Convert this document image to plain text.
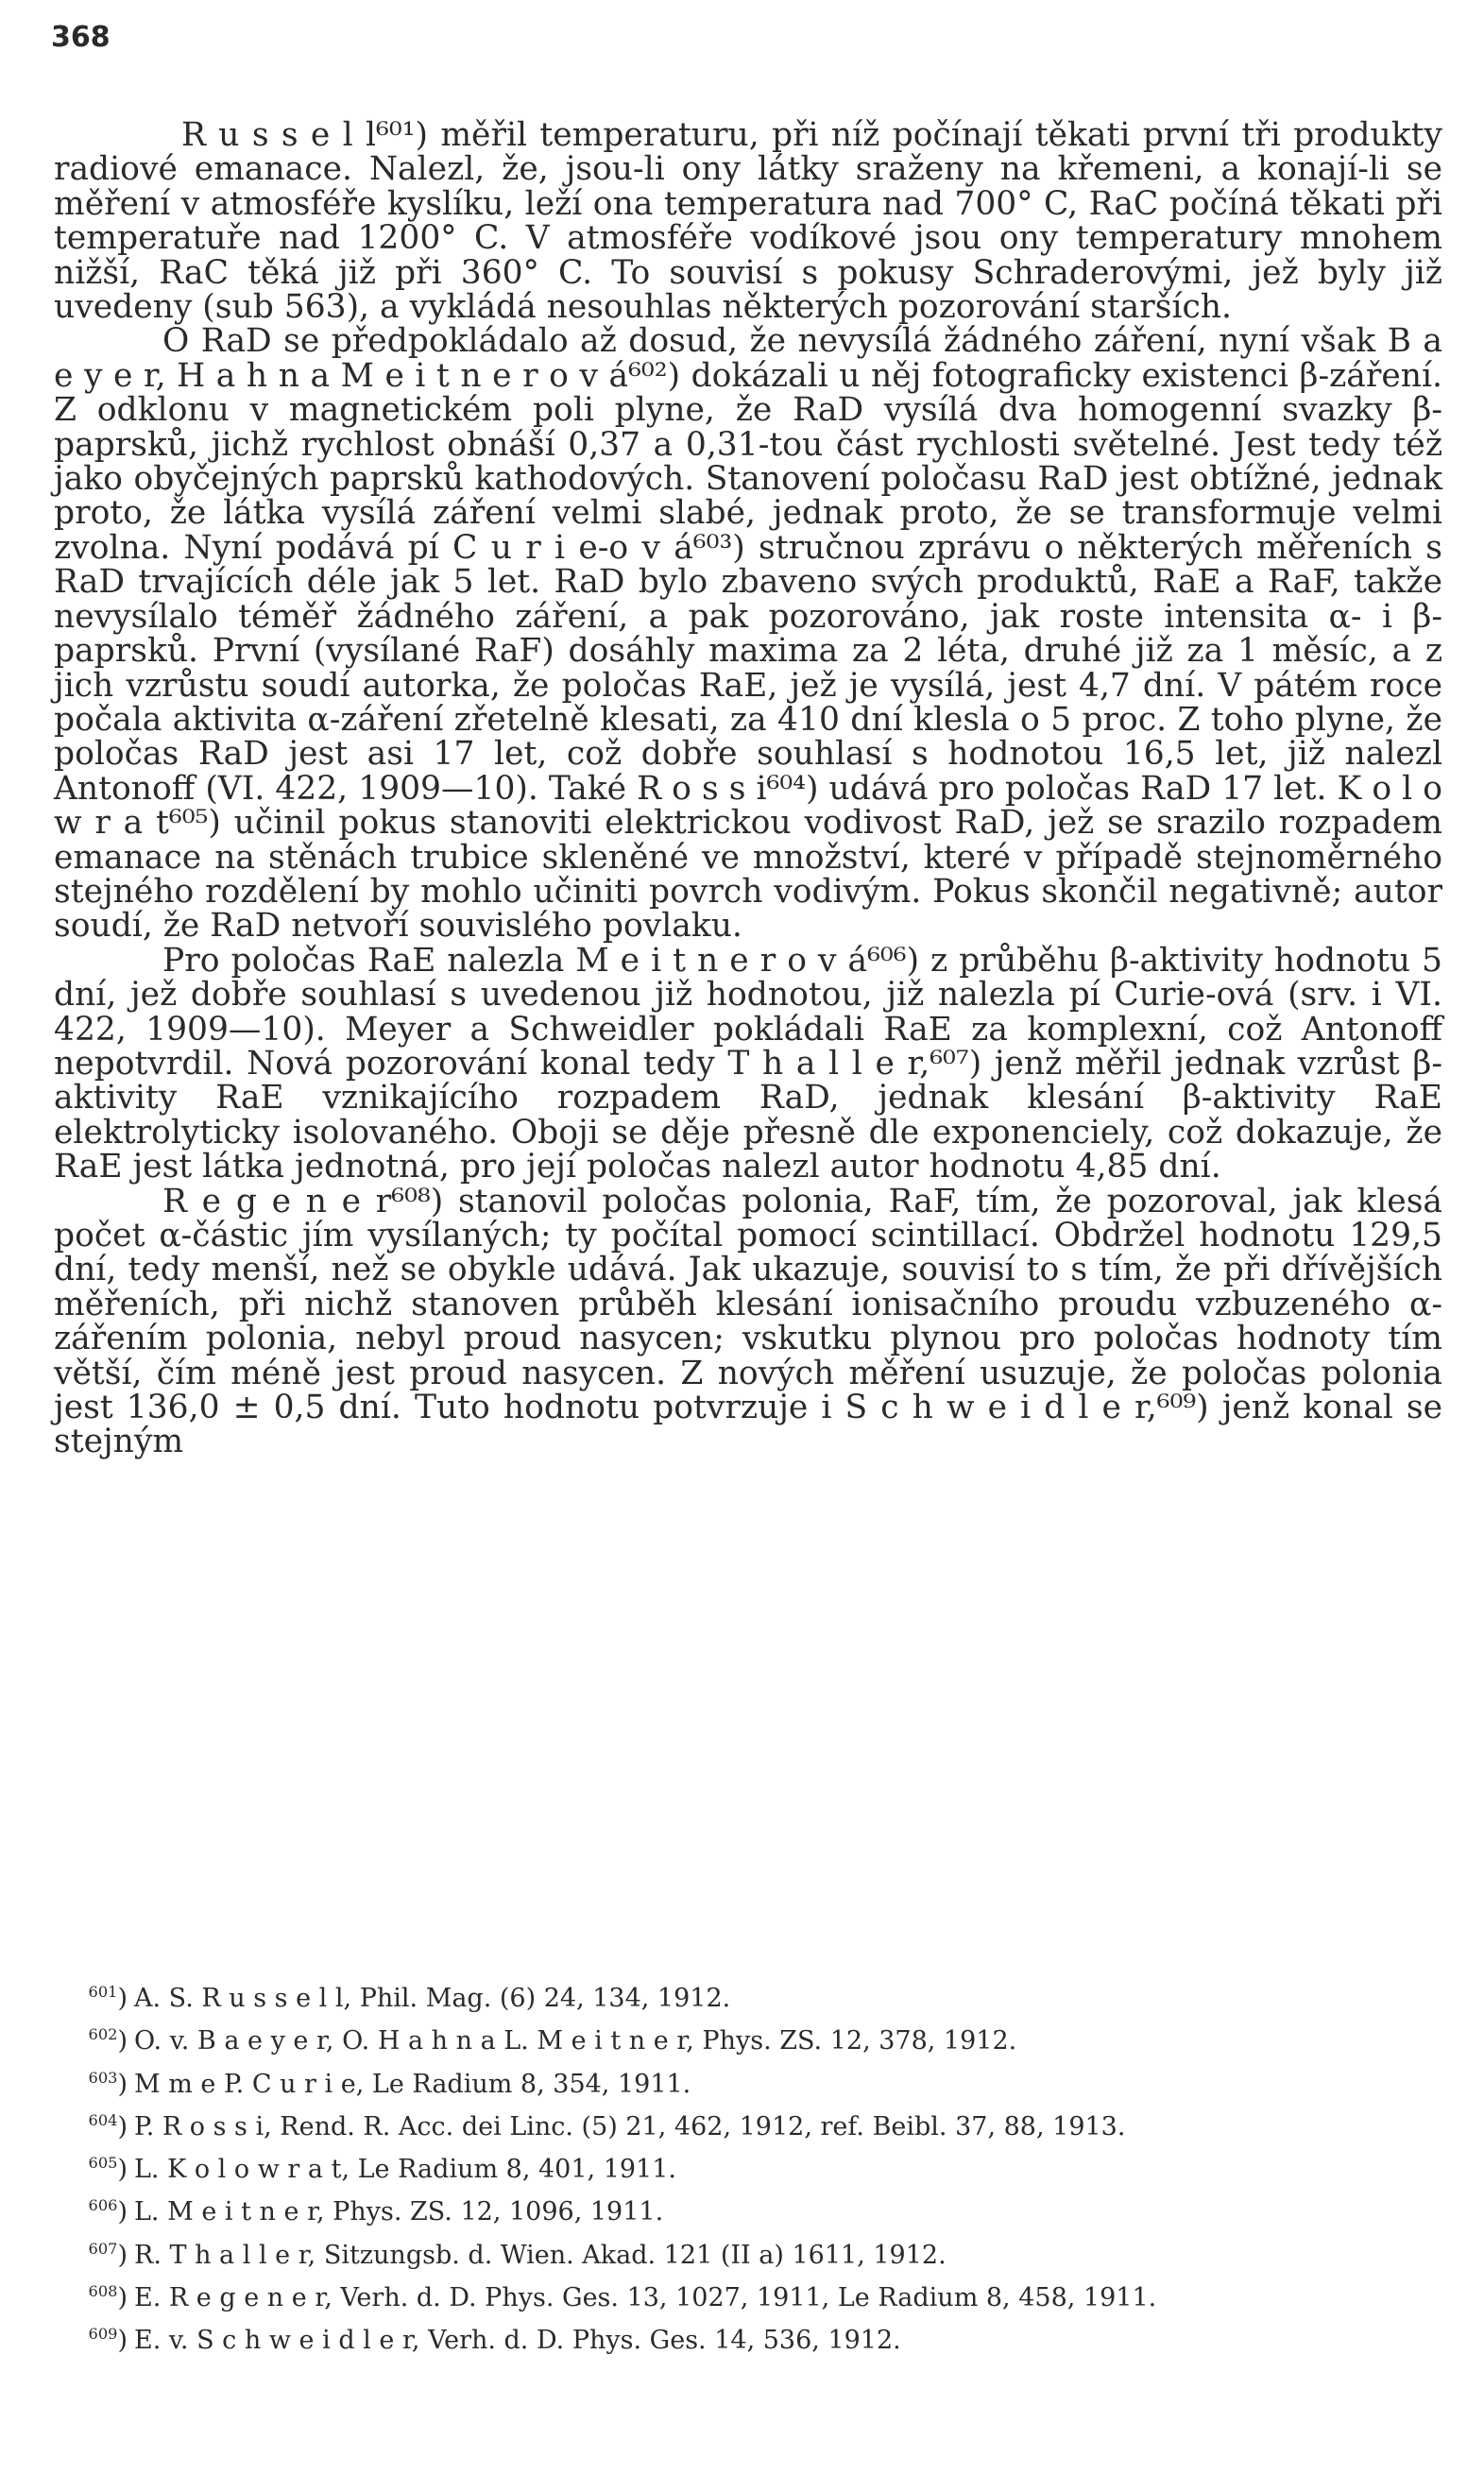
368

R u s s e l l⁶⁰¹) měřil temperaturu, při níž počínají těkati první tři produkty radiové emanace. Nalezl, že, jsou-li ony látky sraženy na křemeni, a konají-li se měření v atmosféře kyslíku, leží ona temperatura nad 700° C, RaC počíná těkati při temperatuře nad 1200° C. V atmosféře vodíkové jsou ony temperatury mnohem nižší, RaC těká již při 360° C. To souvisí s pokusy Schraderovými, jež byly již uvedeny (sub 563), a vykládá nesouhlas některých pozorování starších.

O RaD se předpokládalo až dosud, že nevysílá žádného záření, nyní však B a e y e r, H a h n a M e i t n e r o v á⁶⁰²) dokázali u něj fotograficky existenci β-záření. Z odklonu v magnetickém poli plyne, že RaD vysílá dva homogenní svazky β-paprsků, jichž rychlost obnáší 0,37 a 0,31-tou část rychlosti světelné. Jest tedy též jako obyčejných paprsků kathodových. Stanovení poločasu RaD jest obtížné, jednak proto, že látka vysílá záření velmi slabé, jednak proto, že se transformuje velmi zvolna. Nyní podává pí C u r i e-o v á⁶⁰³) stručnou zprávu o některých měřeních s RaD trvajících déle jak 5 let. RaD bylo zbaveno svých produktů, RaE a RaF, takže nevysílalo téměř žádného záření, a pak pozorováno, jak roste intensita α- i β-paprsků. První (vysílané RaF) dosáhly maxima za 2 léta, druhé již za 1 měsíc, a z jich vzrůstu soudí autorka, že poločas RaE, jež je vysílá, jest 4,7 dní. V pátém roce počala aktivita α-záření zřetelně klesati, za 410 dní klesla o 5 proc. Z toho plyne, že poločas RaD jest asi 17 let, což dobře souhlasí s hodnotou 16,5 let, již nalezl Antonoff (VI. 422, 1909—10). Také R o s s i⁶⁰⁴) udává pro poločas RaD 17 let. K o l o w r a t⁶⁰⁵) učinil pokus stanoviti elektrickou vodivost RaD, jež se srazilo rozpadem emanace na stěnách trubice skleněné ve množství, které v případě stejnoměrného stejného rozdělení by mohlo učiniti povrch vodivým. Pokus skončil negativně; autor soudí, že RaD netvoří souvislého povlaku.

Pro poločas RaE nalezla M e i t n e r o v á⁶⁰⁶) z průběhu β-aktivity hodnotu 5 dní, jež dobře souhlasí s uvedenou již hodnotou, již nalezla pí Curie-ová (srv. i VI. 422, 1909—10). Meyer a Schweidler pokládali RaE za komplexní, což Antonoff nepotvrdil. Nová pozorování konal tedy T h a l l e r,⁶⁰⁷) jenž měřil jednak vzrůst β-aktivity RaE vznikajícího rozpadem RaD, jednak klesání β-aktivity RaE elektrolyticky isolovaného. Oboji se děje přesně dle exponenciely, což dokazuje, že RaE jest látka jednotná, pro její poločas nalezl autor hodnotu 4,85 dní.

R e g e n e r⁶⁰⁸) stanovil poločas polonia, RaF, tím, že pozoroval, jak klesá počet α-částic jím vysílaných; ty počítal pomocí scintillací. Obdržel hodnotu 129,5 dní, tedy menší, než se obykle udává. Jak ukazuje, souvisí to s tím, že při dřívějších měřeních, při nichž stanoven průběh klesání ionisačního proudu vzbuzeného α-zářením polonia, nebyl proud nasycen; vskutku plynou pro poločas hodnoty tím větší, čím méně jest proud nasycen. Z nových měření usuzuje, že poločas polonia jest 136,0 ± 0,5 dní. Tuto hodnotu potvrzuje i S c h w e i d l e r,⁶⁰⁹) jenž konal se stejným

$^{601}$) A. S. R u s s e l l, Phil. Mag. (6) 24, 134, 1912.
$^{602}$) O. v. B a e y e r, O. H a h n a L. M e i t n e r, Phys. ZS. 12, 378, 1912.
$^{603}$) M m e P. C u r i e, Le Radium 8, 354, 1911.
$^{604}$) P. R o s s i, Rend. R. Acc. dei Linc. (5) 21, 462, 1912, ref. Beibl. 37, 88, 1913.
$^{605}$) L. K o l o w r a t, Le Radium 8, 401, 1911.
$^{606}$) L. M e i t n e r, Phys. ZS. 12, 1096, 1911.
$^{607}$) R. T h a l l e r, Sitzungsb. d. Wien. Akad. 121 (II a) 1611, 1912.
$^{608}$) E. R e g e n e r, Verh. d. D. Phys. Ges. 13, 1027, 1911, Le Radium 8, 458, 1911.
$^{609}$) E. v. S c h w e i d l e r, Verh. d. D. Phys. Ges. 14, 536, 1912.
